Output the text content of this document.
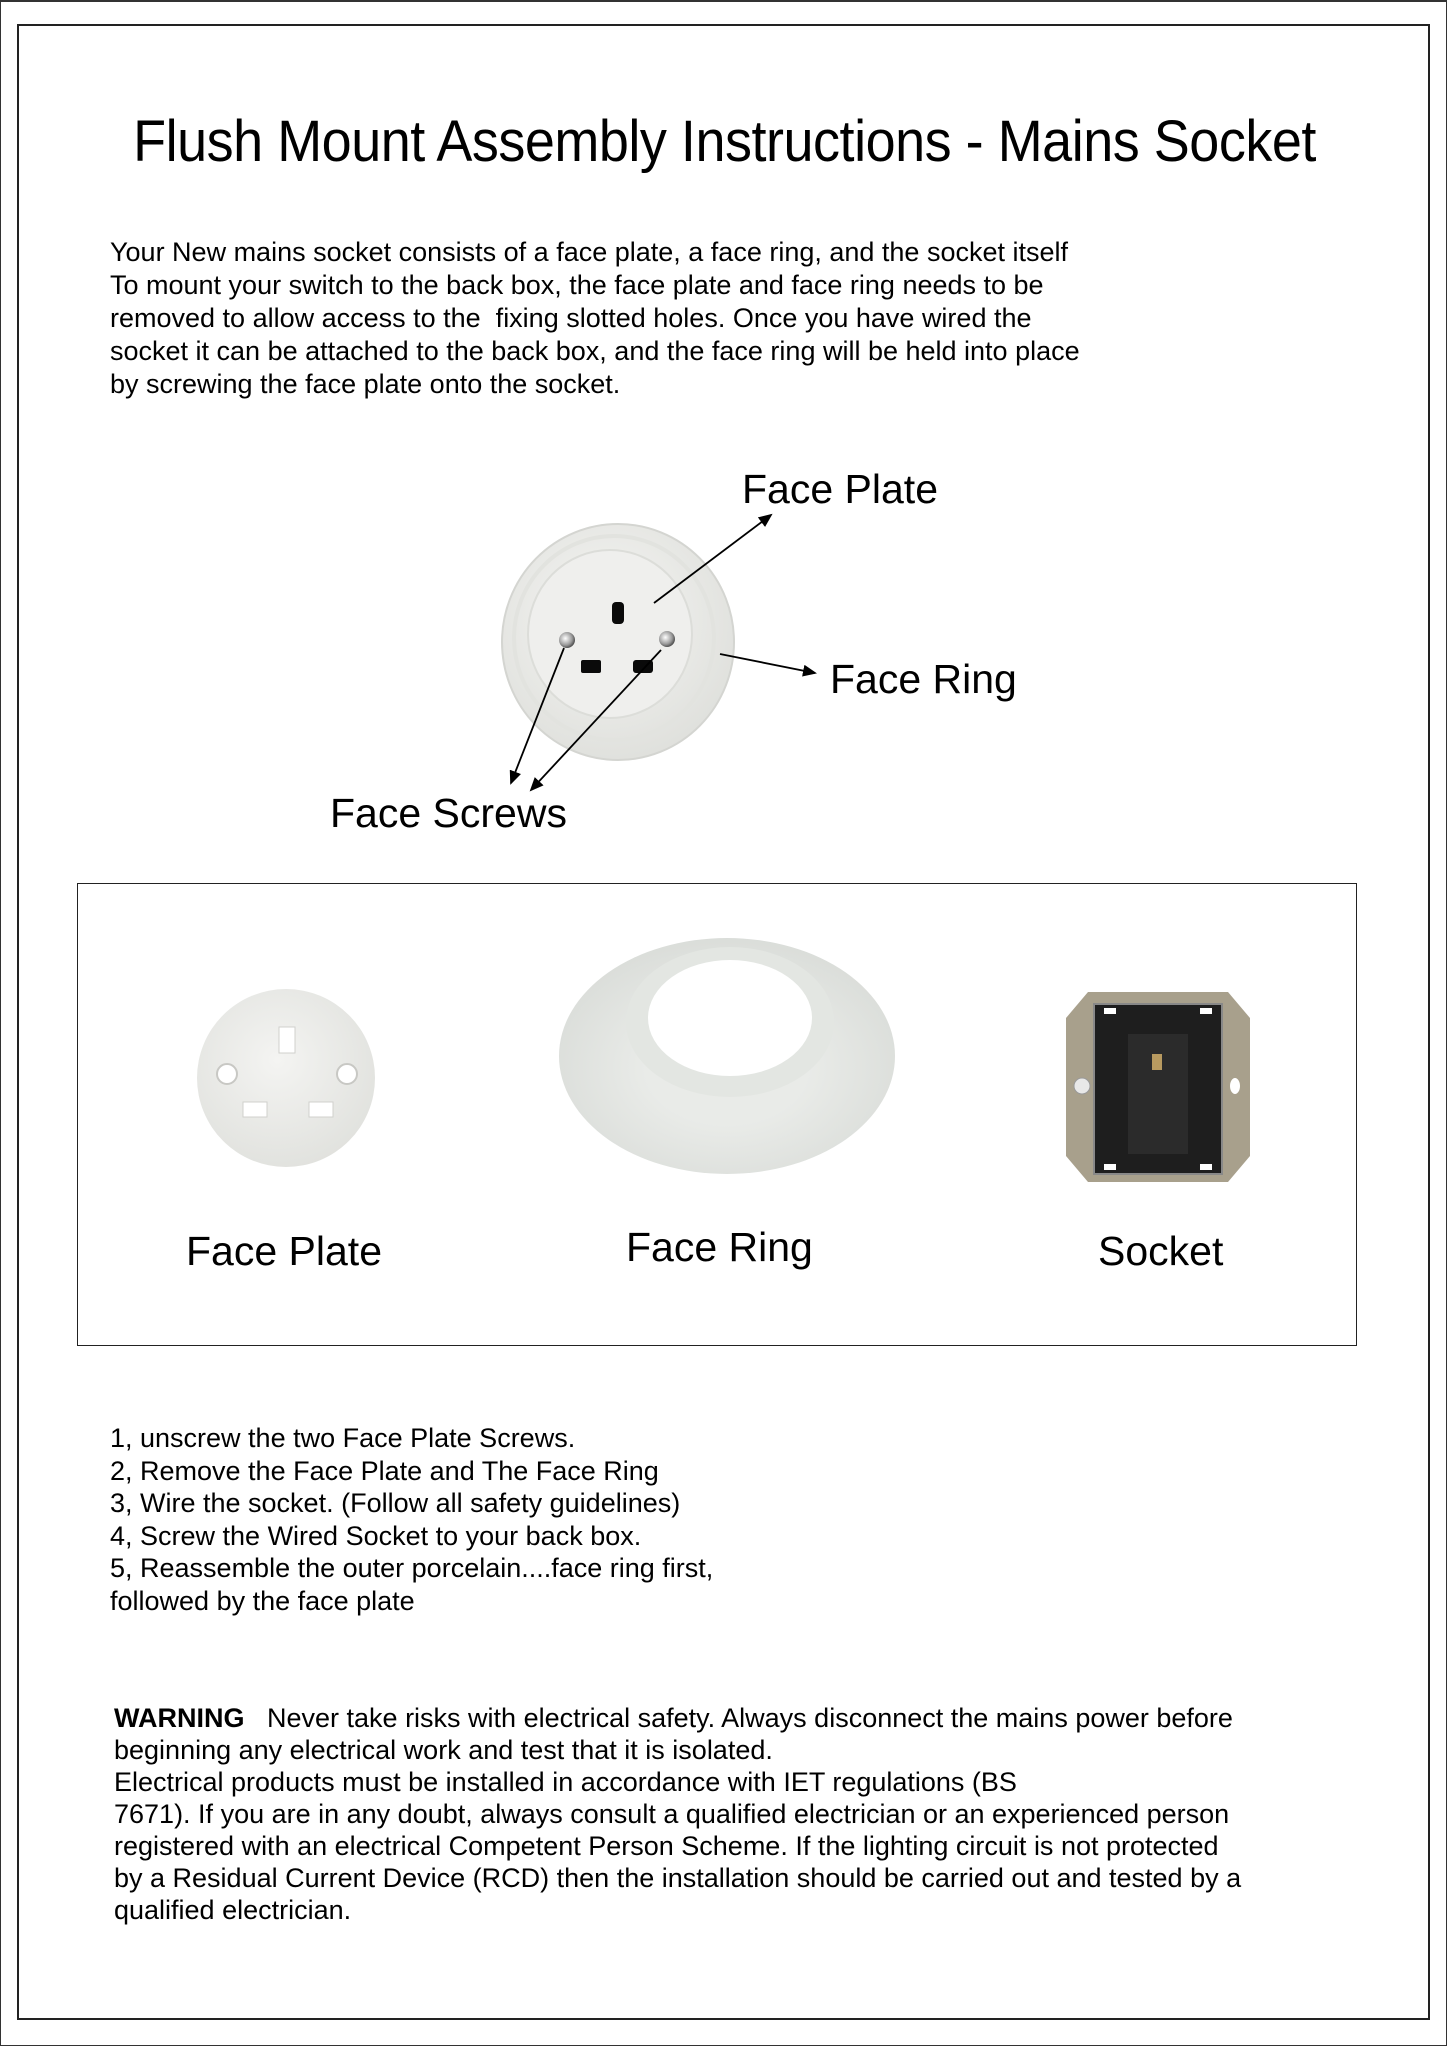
Flush Mount Assembly Instructions - Mains Socket

Your New mains socket consists of a face plate, a face ring, and the socket itself

To mount your switch to the back box, the face plate and face ring needs to be

removed to allow access to the  fixing slotted holes. Once you have wired the

socket it can be attached to the back box, and the face ring will be held into place

by screwing the face plate onto the socket.

Face Plate
Face Ring
Face Screws
Face Plate	Face Ring	Socket
1, unscrew the two Face Plate Screws.
2, Remove the Face Plate and The Face Ring
3, Wire the socket. (Follow all safety guidelines)
4, Screw the Wired Socket to your back box.
5, Reassemble the outer porcelain....face ring first,
followed by the face plate
WARNING   Never take risks with electrical safety. Always disconnect the mains power before
beginning any electrical work and test that it is isolated.
Electrical products must be installed in accordance with IET regulations (BS
7671). If you are in any doubt, always consult a qualified electrician or an experienced person
registered with an electrical Competent Person Scheme. If the lighting circuit is not protected
by a Residual Current Device (RCD) then the installation should be carried out and tested by a
qualified electrician.
